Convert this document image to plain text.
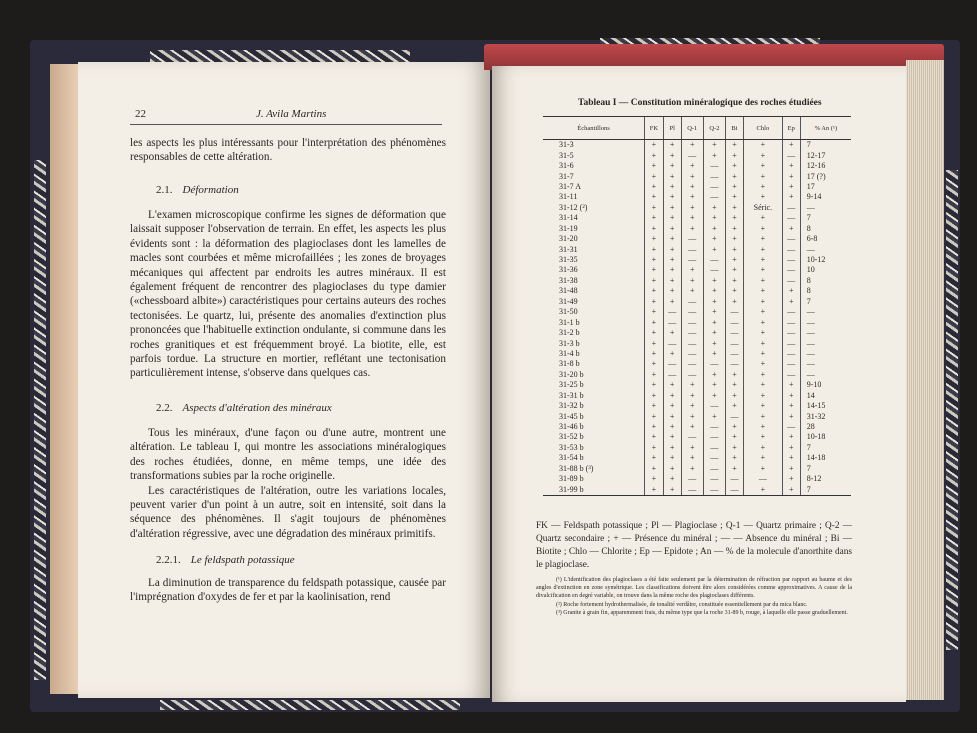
22	J. Avila Martins

les aspects les plus intéressants pour l'interprétation des phénomènes responsables de cette altération.

2.1. Déformation

L'examen microscopique confirme les signes de déformation que laissait supposer l'observation de terrain. En effet, les aspects les plus évidents sont : la déformation des plagioclases dont les lamelles de macles sont courbées et même microfaillées ; les zones de broyages mécaniques qui affectent par endroits les autres minéraux. Il est également fréquent de rencontrer des plagioclases du type damier («chessboard albite») caractéristiques pour certains auteurs des roches tectonisées. Le quartz, lui, présente des anomalies d'extinction plus prononcées que l'habituelle extinction ondulante, si commune dans les roches granitiques et est fréquemment broyé. La biotite, elle, est parfois tordue. La structure en mortier, reflétant une tectonisation particulièrement intense, s'observe dans quelques cas.

2.2. Aspects d'altération des minéraux

Tous les minéraux, d'une façon ou d'une autre, montrent une altération. Le tableau I, qui montre les associations minéralogiques des roches étudiées, donne, en même temps, une idée des transformations subies par la roche originelle.

Les caractéristiques de l'altération, outre les variations locales, peuvent varier d'un point à un autre, soit en intensité, soit dans la séquence des phénomènes. Il s'agit toujours de phénomènes d'altération régressive, avec une dégradation des minéraux primitifs.

2.2.1. Le feldspath potassique

La diminution de transparence du feldspath potassique, causée par l'imprégnation d'oxydes de fer et par la kaolinisation, rend

Tableau I — Constitution minéralogique des roches étudiées
Échantillons	FK	Pl	Q-1	Q-2	Bi	Chlo	Ep	% An (¹)
31-3	+	+	+	+	+	+	+	7
31-5	+	+	—	+	+	+	—	12-17
31-6	+	+	+	—	+	+	+	12-16
31-7	+	+	+	—	+	+	+	17 (?)
31-7 A	+	+	+	—	+	+	+	17
31-11	+	+	+	—	+	+	+	9-14
31-12 (²)	+	+	+	+	+	Séric.	—	—
31-14	+	+	+	+	+	+	—	7
31-19	+	+	+	+	+	+	+	8
31-20	+	+	—	+	+	+	—	6-8
31-31	+	+	—	+	+	+	—	—
31-35	+	+	—	—	+	+	—	10-12
31-36	+	+	+	—	+	+	—	10
31-38	+	+	+	+	+	+	—	8
31-48	+	+	+	+	+	+	+	8
31-49	+	+	—	+	+	+	+	7
31-50	+	—	—	+	—	+	—	—
31-1 b	+	—	—	+	—	+	—	—
31-2 b	+	+	—	+	—	+	—	—
31-3 b	+	—	—	+	—	+	—	—
31-4 b	+	+	—	+	—	+	—	—
31-8 b	+	—	—	—	—	+	—	—
31-20 b	+	—	—	+	+	+	—	—
31-25 b	+	+	+	+	+	+	+	9-10
31-31 b	+	+	+	+	+	+	+	14
31-32 b	+	+	+	—	+	+	+	14-15
31-45 b	+	+	+	+	—	+	+	31-32
31-46 b	+	+	+	—	+	+	—	28
31-52 b	+	+	—	—	+	+	+	10-18
31-53 b	+	+	+	—	+	+	+	7
31-54 b	+	+	+	—	+	+	+	14-18
31-88 b (³)	+	+	+	—	+	+	+	7
31-89 b	+	+	—	—	—	—	+	8-12
31-99 b	+	+	—	—	—	+	+	7
FK — Feldspath potassique ; Pl — Plagioclase ; Q-1 — Quartz primaire ; Q-2 — Quartz secondaire ; + — Présence du minéral ; — — Absence du minéral ; Bi — Biotite ; Chlo — Chlorite ; Ep — Epidote ; An — % de la molecule d'anorthite dans le plagioclase.

(¹) L'identification des plagioclases a été faite seulement par la détermination de réfraction par rapport au baume et des angles d'extinction en zone symétrique. Les classifications doivent être alors considérées comme approximatives. A cause de la divalcification en degré variable, on trouve dans la même roche des plagioclases différents.

(²) Roche fortement hydrothermalisée, de tonalité verdâtre, constituée essentiellement par du mica blanc.

(³) Granite à grain fin, apparemment frais, du même type que la roche 31-89 b, rouge, à laquelle elle passe graduellement.
